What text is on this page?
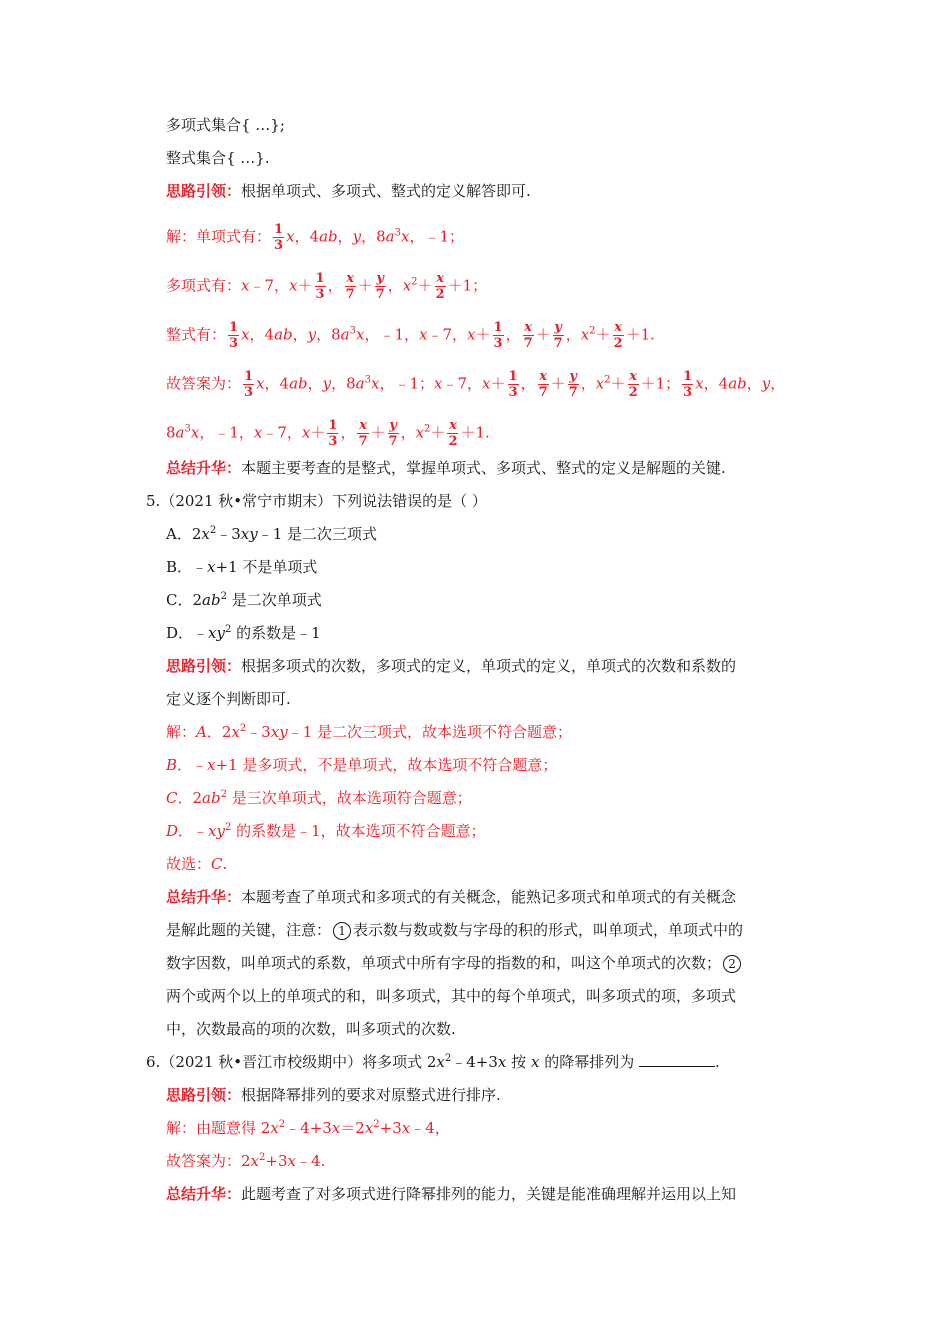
多项式集合{ …};
整式集合{ …}.
思路引领：根据单项式、多项式、整式的定义解答即可.
解：单项式有： $\frac{1}{3}$ x，4ab，y，$8a^3x$，﹣1；
多项式有：x﹣7，$x+ \frac{1}{3}$ ， $\frac{x}{7} + \frac{y}{7}$ ，$x^2+ \frac{x}{2} +1$；
整式有： $\frac{1}{3}$ x，4ab，y，$8a^3x$，﹣1，x﹣7，$x+ \frac{1}{3}$ ， $\frac{x}{7} + \frac{y}{7}$ ，$x^2+ \frac{x}{2} +1$.
故答案为： $\frac{1}{3}$ x，4ab，y，$8a^3x$，﹣1；x﹣7，$x+ \frac{1}{3}$ ， $\frac{x}{7} + \frac{y}{7}$ ，$x^2+ \frac{x}{2} +1$； $\frac{1}{3}$ x，4ab，y，
$8a^3x$，﹣1，x﹣7，$x+ \frac{1}{3}$ ， $\frac{x}{7} + \frac{y}{7}$ ，$x^2+ \frac{x}{2} +1$.
总结升华：本题主要考查的是整式，掌握单项式、多项式、整式的定义是解题的关键.
5.（2021 秋•常宁市期末）下列说法错误的是（ ）
A．$2x^2﹣3xy﹣1$ 是二次三项式
B．﹣x+1 不是单项式
C．$2ab^2$ 是二次单项式
D．$﹣xy^2$ 的系数是﹣1
思路引领：根据多项式的次数，多项式的定义，单项式的定义，单项式的次数和系数的
定义逐个判断即可.
解：A．$2x^2﹣3xy﹣1$ 是二次三项式，故本选项不符合题意；
B．﹣x+1 是多项式，不是单项式，故本选项不符合题意；
C．$2ab^2$ 是三次单项式，故本选项符合题意；
D．$﹣xy^2$ 的系数是﹣1，故本选项不符合题意；
故选：C.
总结升华：本题考查了单项式和多项式的有关概念，能熟记多项式和单项式的有关概念
是解此题的关键，注意： 1 表示数与数或数与字母的积的形式，叫单项式，单项式中的
数字因数，叫单项式的系数，单项式中所有字母的指数的和，叫这个单项式的次数； 2
两个或两个以上的单项式的和，叫多项式，其中的每个单项式，叫多项式的项，多项式
中，次数最高的项的次数，叫多项式的次数.
6.（2021 秋•晋江市校级期中）将多项式 $2x^2﹣4+3x$ 按 x 的降幂排列为	.
思路引领：根据降幂排列的要求对原整式进行排序.
解：由题意得 $2x^2﹣4+3x=2x^2+3x﹣4$，
故答案为：$2x^2+3x﹣4$.
总结升华：此题考查了对多项式进行降幂排列的能力，关键是能准确理解并运用以上知
